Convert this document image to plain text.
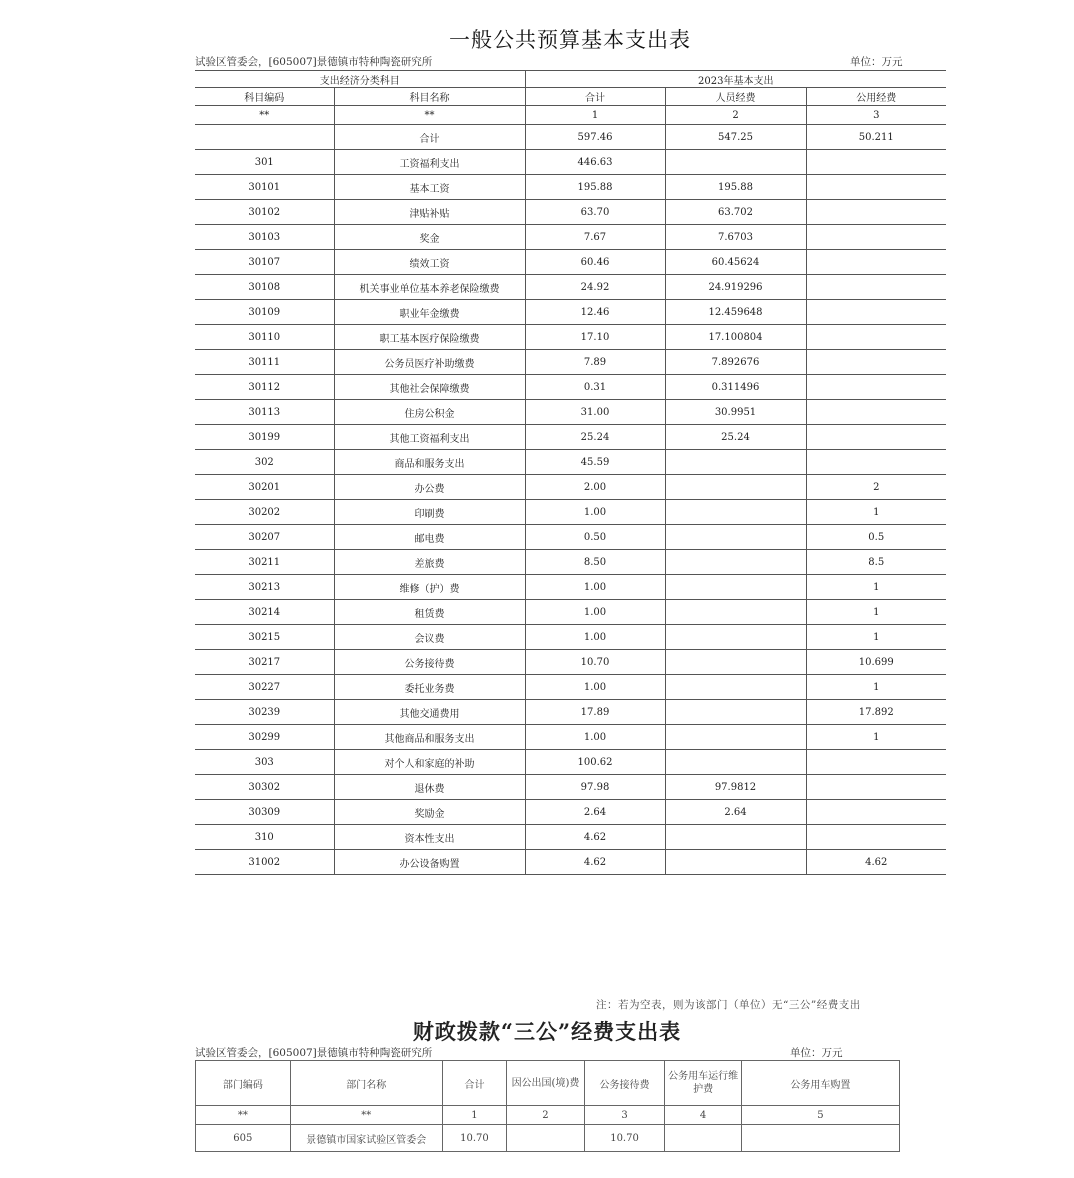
一般公共预算基本支出表
试验区管委会，[605007]景德镇市特种陶瓷研究所	单位：万元
支出经济分类科目		2023年基本支出		
科目编码	科目名称	合计	人员经费	公用经费
**	**	1	2	3
	合计	597.46	547.25	50.211
301	工资福利支出	446.63		
30101	基本工资	195.88	195.88	
30102	津贴补贴	63.70	63.702	
30103	奖金	7.67	7.6703	
30107	绩效工资	60.46	60.45624	
30108	机关事业单位基本养老保险缴费	24.92	24.919296	
30109	职业年金缴费	12.46	12.459648	
30110	职工基本医疗保险缴费	17.10	17.100804	
30111	公务员医疗补助缴费	7.89	7.892676	
30112	其他社会保障缴费	0.31	0.311496	
30113	住房公积金	31.00	30.9951	
30199	其他工资福利支出	25.24	25.24	
302	商品和服务支出	45.59		
30201	办公费	2.00		2
30202	印刷费	1.00		1
30207	邮电费	0.50		0.5
30211	差旅费	8.50		8.5
30213	维修（护）费	1.00		1
30214	租赁费	1.00		1
30215	会议费	1.00		1
30217	公务接待费	10.70		10.699
30227	委托业务费	1.00		1
30239	其他交通费用	17.89		17.892
30299	其他商品和服务支出	1.00		1
303	对个人和家庭的补助	100.62		
30302	退休费	97.98	97.9812	
30309	奖励金	2.64	2.64	
310	资本性支出	4.62		
31002	办公设备购置	4.62		4.62
注：若为空表，则为该部门（单位）无“三公”经费支出
财政拨款“三公”经费支出表
试验区管委会，[605007]景德镇市特种陶瓷研究所	单位：万元
部门编码	部门名称	合计	因公出国(境)费	公务接待费	公务用车运行维护费	公务用车购置
**	**	1	2	3	4	5
605	景德镇市国家试验区管委会	10.70		10.70		
